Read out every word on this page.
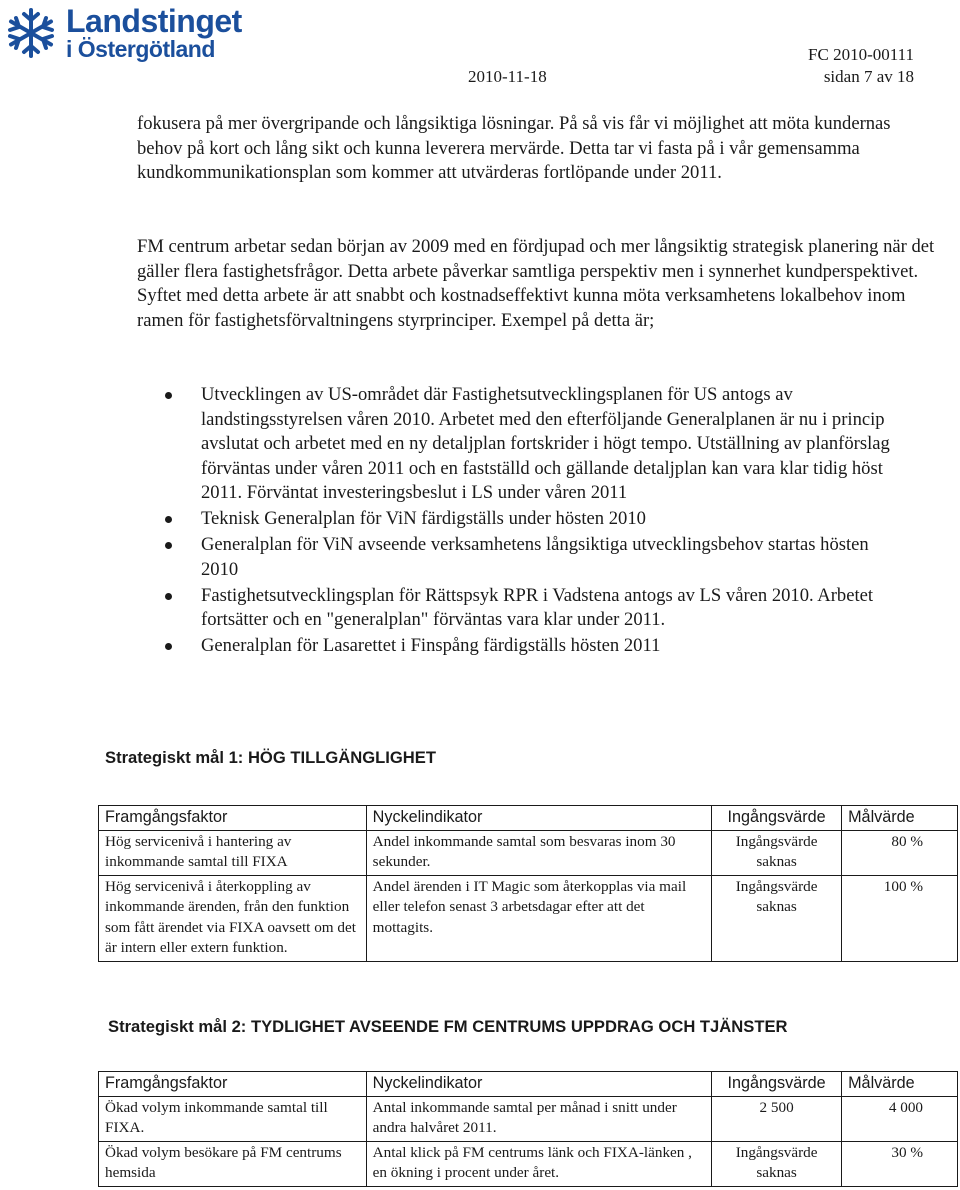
Landstinget
i Östergötland	FC 2010-00111
2010-11-18	sidan 7 av 18

fokusera på mer övergripande och långsiktiga lösningar. På så vis får vi möjlighet att möta kundernas behov på kort och lång sikt och kunna leverera mervärde. Detta tar vi fasta på i vår gemensamma kundkommunikationsplan som kommer att utvärderas fortlöpande under 2011.

FM centrum arbetar sedan början av 2009 med en fördjupad och mer långsiktig strategisk planering när det gäller flera fastighetsfrågor. Detta arbete påverkar samtliga perspektiv men i synnerhet kundperspektivet. Syftet med detta arbete är att snabbt och kostnadseffektivt kunna möta verksamhetens lokalbehov inom ramen för fastighetsförvaltningens styrprinciper. Exempel på detta är;

Utvecklingen av US-området där Fastighetsutvecklingsplanen för US antogs av landstingsstyrelsen våren 2010. Arbetet med den efterföljande Generalplanen är nu i princip avslutat och arbetet med en ny detaljplan fortskrider i högt tempo. Utställning av planförslag förväntas under våren 2011 och en fastställd och gällande detaljplan kan vara klar tidig höst 2011. Förväntat investeringsbeslut i LS under våren 2011
Teknisk Generalplan för ViN färdigställs under hösten 2010
Generalplan för ViN avseende verksamhetens långsiktiga utvecklingsbehov startas hösten 2010
Fastighetsutvecklingsplan för Rättspsyk RPR i Vadstena antogs av LS våren 2010. Arbetet fortsätter och en "generalplan" förväntas vara klar under 2011.
Generalplan för Lasarettet i Finspång färdigställs hösten 2011
Strategiskt mål 1: HÖG TILLGÄNGLIGHET
Framgångsfaktor	Nyckelindikator	Ingångsvärde	Målvärde
Hög servicenivå i hantering av inkommande samtal till FIXA	Andel inkommande samtal som besvaras inom 30 sekunder.	Ingångsvärde saknas	80 %
Hög servicenivå i återkoppling av inkommande ärenden, från den funktion som fått ärendet via FIXA oavsett om det är intern eller extern funktion.	Andel ärenden i IT Magic som återkopplas via mail eller telefon senast 3 arbetsdagar efter att det mottagits.	Ingångsvärde saknas	100 %
Strategiskt mål 2: TYDLIGHET AVSEENDE FM CENTRUMS UPPDRAG OCH TJÄNSTER
Framgångsfaktor	Nyckelindikator	Ingångsvärde	Målvärde
Ökad volym inkommande samtal till FIXA.	Antal inkommande samtal per månad i snitt under andra halvåret 2011.	2 500	4 000
Ökad volym besökare på FM centrums hemsida	Antal klick på FM centrums länk och FIXA-länken , en ökning i procent under året.	Ingångsvärde saknas	30 %
